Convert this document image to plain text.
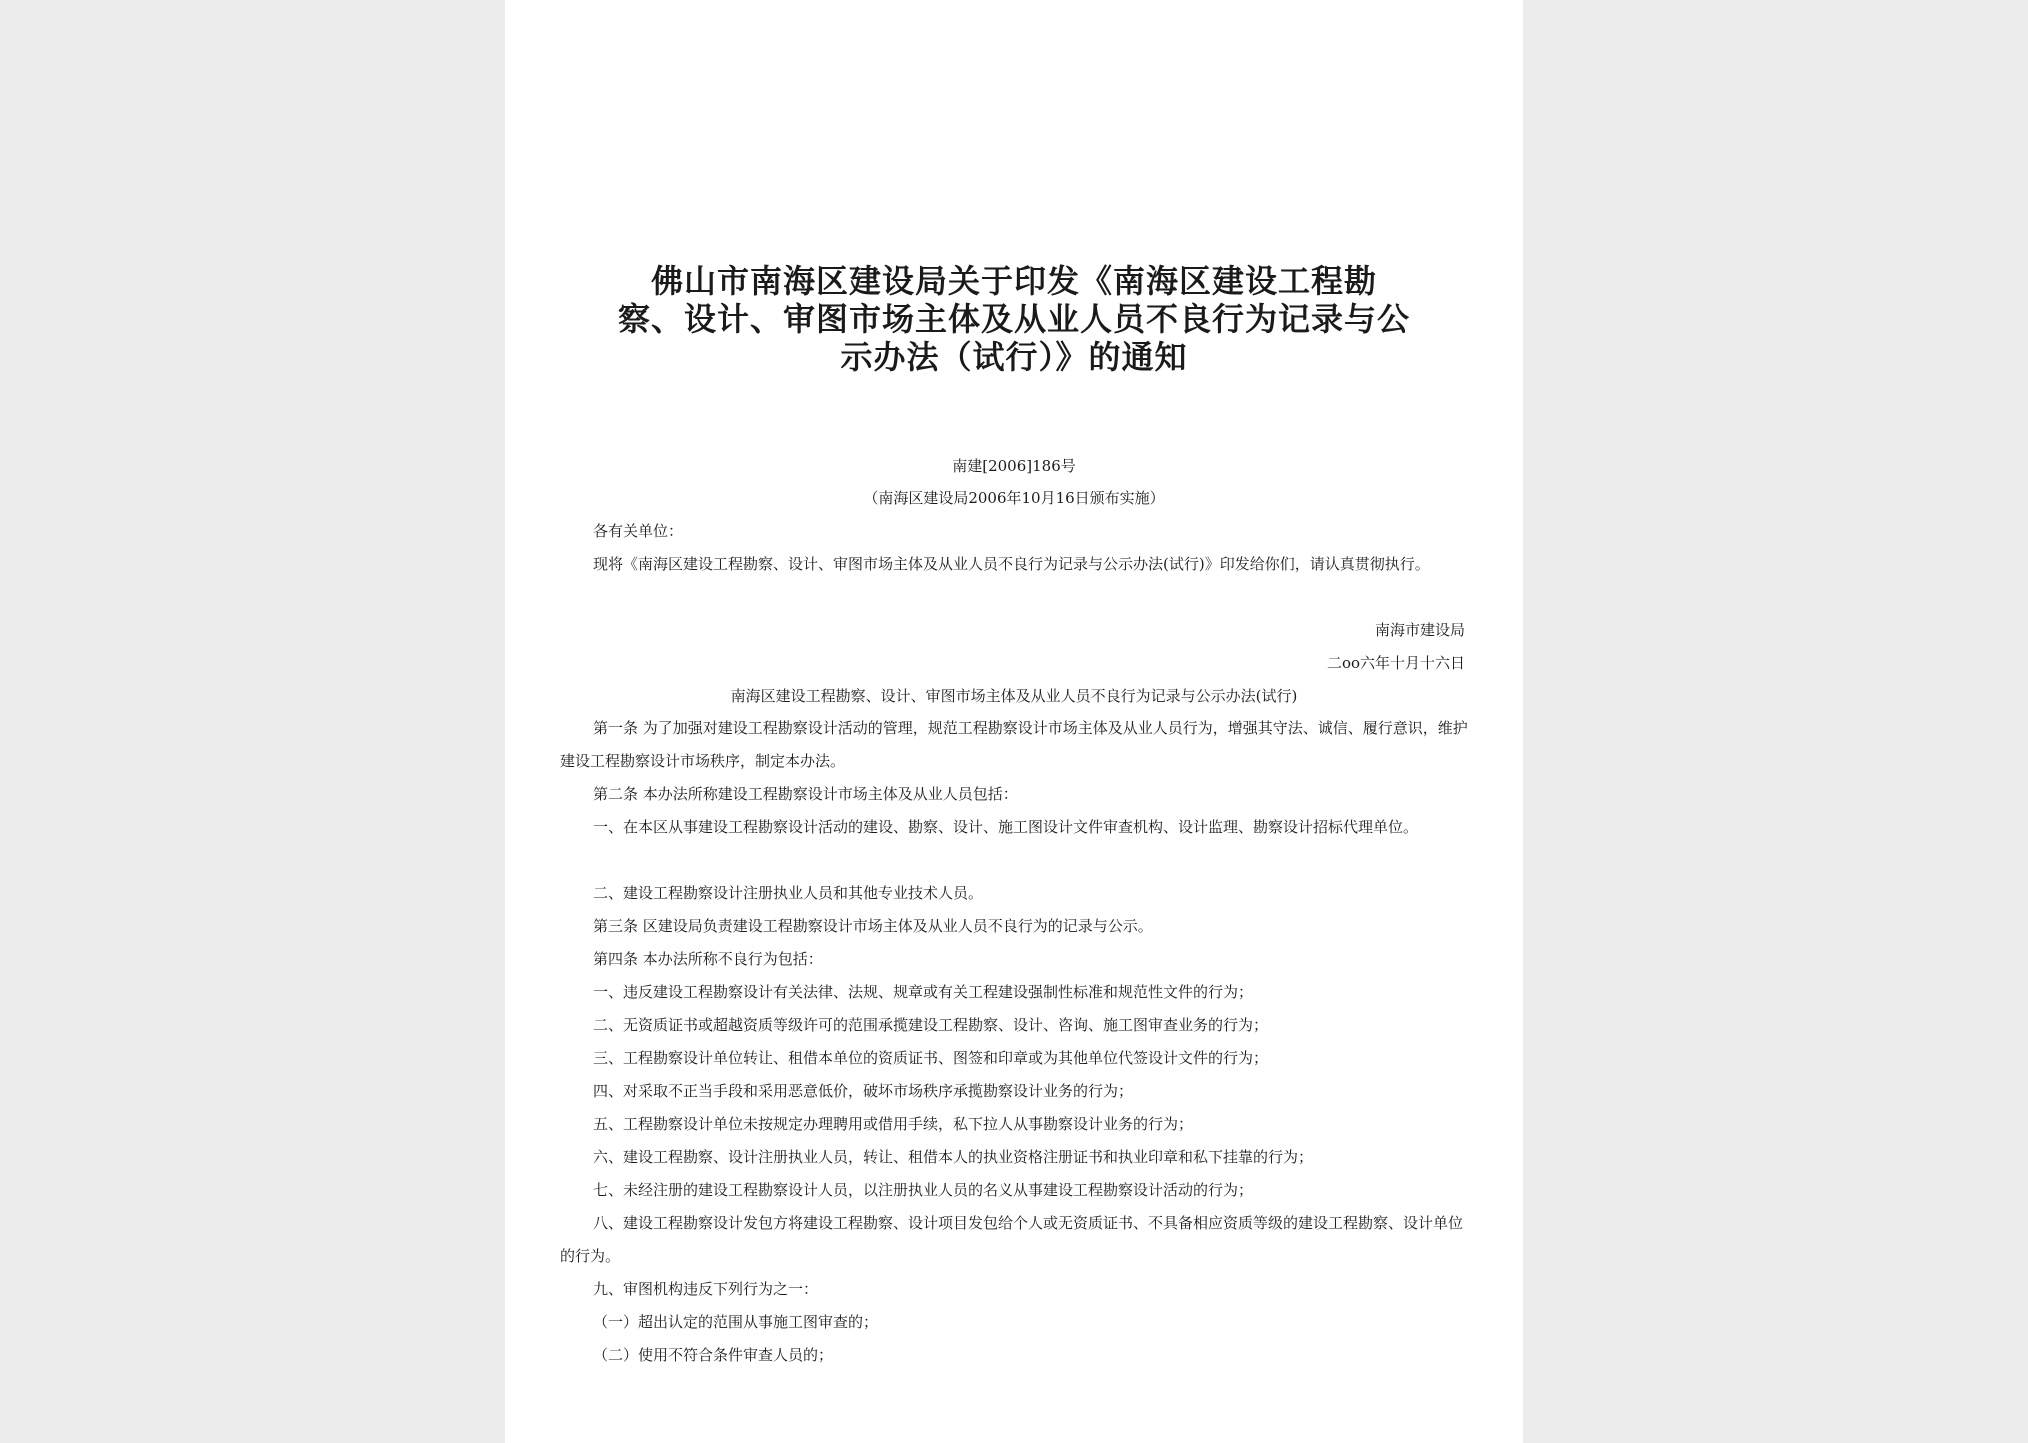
佛山市南海区建设局关于印发《南海区建设工程勘
察、设计、审图市场主体及从业人员不良行为记录与公
示办法（试行）》的通知
南建[2006]186号
（南海区建设局2006年10月16日颁布实施）

各有关单位：

现将《南海区建设工程勘察、设计、审图市场主体及从业人员不良行为记录与公示办法(试行)》印发给你们，请认真贯彻执行。

南海市建设局
二oo六年十月十六日
南海区建设工程勘察、设计、审图市场主体及从业人员不良行为记录与公示办法(试行)

第一条 为了加强对建设工程勘察设计活动的管理，规范工程勘察设计市场主体及从业人员行为，增强其守法、诚信、履行意识，维护建设工程勘察设计市场秩序，制定本办法。

第二条 本办法所称建设工程勘察设计市场主体及从业人员包括：

一、在本区从事建设工程勘察设计活动的建设、勘察、设计、施工图设计文件审查机构、设计监理、勘察设计招标代理单位。

二、建设工程勘察设计注册执业人员和其他专业技术人员。

第三条 区建设局负责建设工程勘察设计市场主体及从业人员不良行为的记录与公示。

第四条 本办法所称不良行为包括：

一、违反建设工程勘察设计有关法律、法规、规章或有关工程建设强制性标准和规范性文件的行为；

二、无资质证书或超越资质等级许可的范围承揽建设工程勘察、设计、咨询、施工图审查业务的行为；

三、工程勘察设计单位转让、租借本单位的资质证书、图签和印章或为其他单位代签设计文件的行为；

四、对采取不正当手段和采用恶意低价，破坏市场秩序承揽勘察设计业务的行为；

五、工程勘察设计单位未按规定办理聘用或借用手续，私下拉人从事勘察设计业务的行为；

六、建设工程勘察、设计注册执业人员，转让、租借本人的执业资格注册证书和执业印章和私下挂靠的行为；

七、未经注册的建设工程勘察设计人员，以注册执业人员的名义从事建设工程勘察设计活动的行为；

八、建设工程勘察设计发包方将建设工程勘察、设计项目发包给个人或无资质证书、不具备相应资质等级的建设工程勘察、设计单位的行为。

九、审图机构违反下列行为之一：

（一）超出认定的范围从事施工图审查的；

（二）使用不符合条件审查人员的；
